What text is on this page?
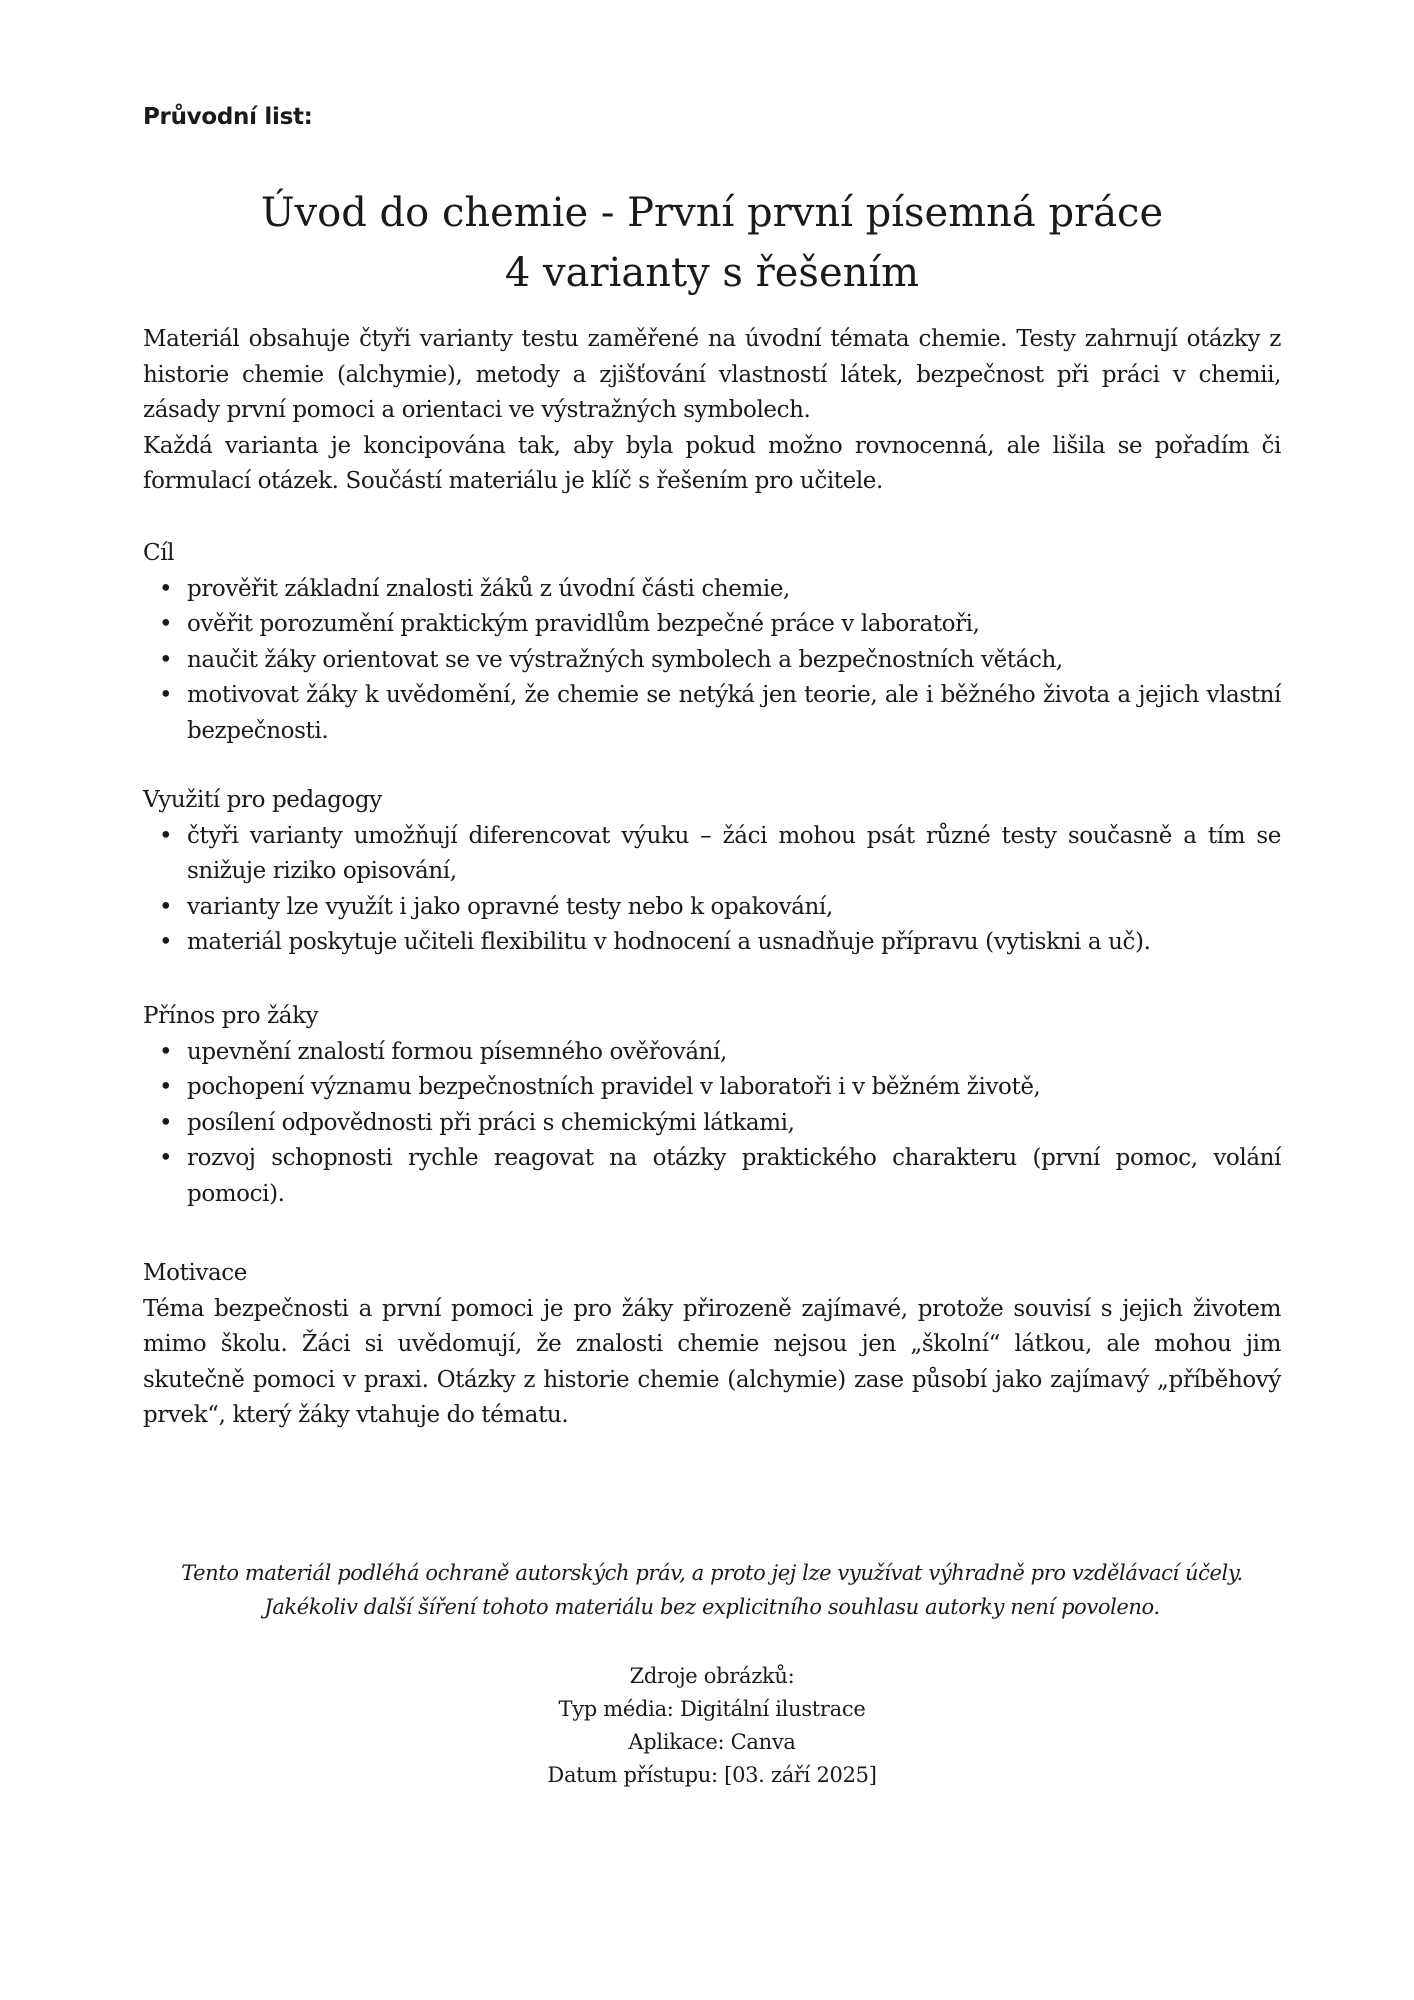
Průvodní list:
Úvod do chemie - První první písemná práce
4 varianty s řešením

Materiál obsahuje čtyři varianty testu zaměřené na úvodní témata chemie. Testy zahrnují otázky z historie chemie (alchymie), metody a zjišťování vlastností látek, bezpečnost při práci v chemii, zásady první pomoci a orientaci ve výstražných symbolech.

Každá varianta je koncipována tak, aby byla pokud možno rovnocenná, ale lišila se pořadím či formulací otázek. Součástí materiálu je klíč s řešením pro učitele.

Cíl
• prověřit základní znalosti žáků z úvodní části chemie,
• ověřit porozumění praktickým pravidlům bezpečné práce v laboratoři,
• naučit žáky orientovat se ve výstražných symbolech a bezpečnostních větách,
• motivovat žáky k uvědomění, že chemie se netýká jen teorie, ale i běžného života a jejich vlastní bezpečnosti.
Využití pro pedagogy
• čtyři varianty umožňují diferencovat výuku – žáci mohou psát různé testy současně a tím se snižuje riziko opisování,
• varianty lze využít i jako opravné testy nebo k opakování,
• materiál poskytuje učiteli flexibilitu v hodnocení a usnadňuje přípravu (vytiskni a uč).
Přínos pro žáky
• upevnění znalostí formou písemného ověřování,
• pochopení významu bezpečnostních pravidel v laboratoři i v běžném životě,
• posílení odpovědnosti při práci s chemickými látkami,
• rozvoj schopnosti rychle reagovat na otázky praktického charakteru (první pomoc, volání pomoci).
Motivace

Téma bezpečnosti a první pomoci je pro žáky přirozeně zajímavé, protože souvisí s jejich životem mimo školu. Žáci si uvědomují, že znalosti chemie nejsou jen „školní“ látkou, ale mohou jim skutečně pomoci v praxi. Otázky z historie chemie (alchymie) zase působí jako zajímavý „příběhový prvek“, který žáky vtahuje do tématu.

Tento materiál podléhá ochraně autorských práv, a proto jej lze využívat výhradně pro vzdělávací účely. Jakékoliv další šíření tohoto materiálu bez explicitního souhlasu autorky není povoleno.
Zdroje obrázků:
Typ média: Digitální ilustrace
Aplikace: Canva
Datum přístupu: [03. září 2025]
